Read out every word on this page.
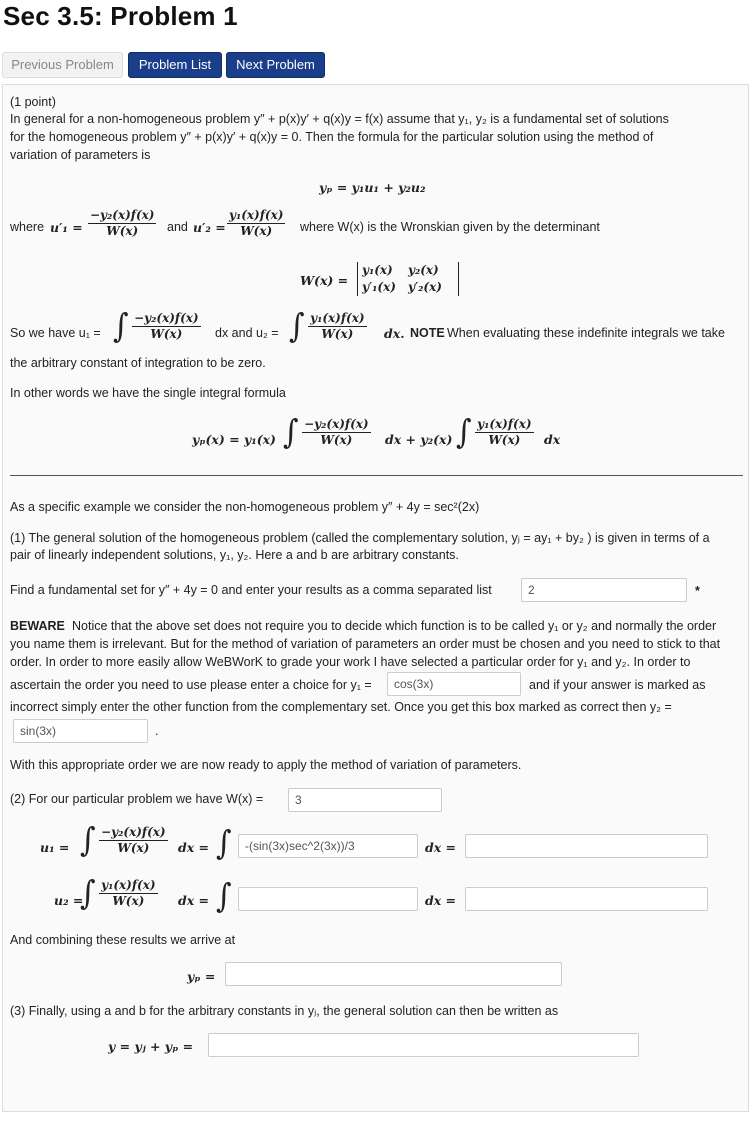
Sec 3.5: Problem 1
Previous Problem	Problem List	Next Problem
(1 point)
In general for a non-homogeneous problem y″ + p(x)y′ + q(x)y = f(x) assume that y₁, y₂ is a fundamental set of solutions
for the homogeneous problem y″ + p(x)y′ + q(x)y = 0. Then the formula for the particular solution using the method of
variation of parameters is
yₚ = y₁u₁ + y₂u₂
where $u'_1 = \frac{\text{−y₂(x)f(x)}}{W(x)}$ and $u'_2 = \frac{\text{y₁(x)f(x)}}{W(x)}$ where W(x) is the Wronskian given by the determinant
W(x) =
y₁(x) y₂(x)
y′₁(x) y′₂(x)
So we have u₁ = ∫ $\frac{\text{−y₂(x)f(x)}}{W(x)}$ dx and u₂ = ∫ $\frac{\text{y₁(x)f(x)}}{W(x)}$ dx. NOTE When evaluating these indefinite integrals we take
the arbitrary constant of integration to be zero.
In other words we have the single integral formula
yₚ(x) = y₁(x) ∫ $\frac{\text{−y₂(x)f(x)}}{W(x)}$ dx + y₂(x) ∫ $\frac{\text{y₁(x)f(x)}}{W(x)}$ dx
As a specific example we consider the non-homogeneous problem y″ + 4y = sec²(2x)
(1) The general solution of the homogeneous problem (called the complementary solution, yⱼ = ay₁ + by₂ ) is given in terms of a
pair of linearly independent solutions, y₁, y₂. Here a and b are arbitrary constants.
Find a fundamental set for y″ + 4y = 0 and enter your results as a comma separated list	2	*
BEWARE Notice that the above set does not require you to decide which function is to be called y₁ or y₂ and normally the order
you name them is irrelevant. But for the method of variation of parameters an order must be chosen and you need to stick to that
order. In order to more easily allow WeBWorK to grade your work I have selected a particular order for y₁ and y₂. In order to
ascertain the order you need to use please enter a choice for y₁ =	cos(3x)	and if your answer is marked as
incorrect simply enter the other function from the complementary set. Once you get this box marked as correct then y₂ =
sin(3x)	.
With this appropriate order we are now ready to apply the method of variation of parameters.
(2) For our particular problem we have W(x) =	3
u₁ = ∫ $\frac{\text{−y₂(x)f(x)}}{W(x)}$ dx = ∫	-(sin(3x)sec^2(3x))/3	dx =
u₂ =
∫ $\frac{\text{y₁(x)f(x)}}{W(x)}$ dx = ∫	dx =
And combining these results we arrive at
yₚ =
(3) Finally, using a and b for the arbitrary constants in yⱼ, the general solution can then be written as
y = yⱼ + yₚ =
